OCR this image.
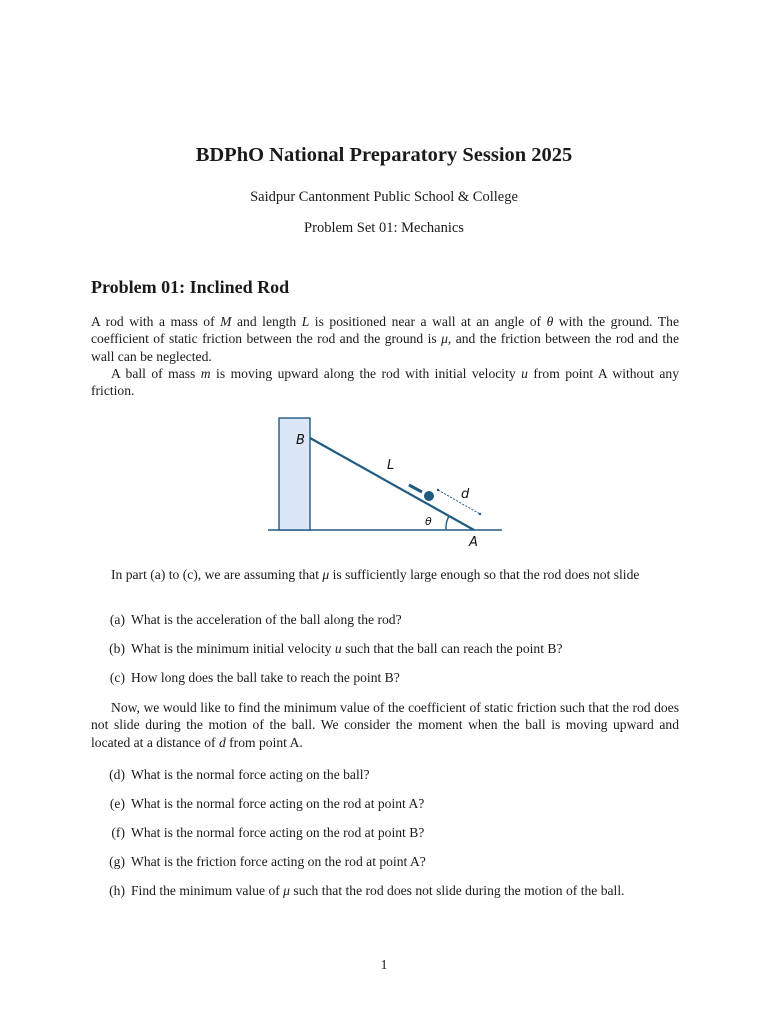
BDPhO National Preparatory Session 2025

Saidpur Cantonment Public School & College

Problem Set 01: Mechanics

Problem 01: Inclined Rod

A rod with a mass of M and length L is positioned near a wall at an angle of θ with the ground. The coefficient of static friction between the rod and the ground is μ, and the friction between the rod and the wall can be neglected.

A ball of mass m is moving upward along the rod with initial velocity u from point A without any friction.

B
L
d
θ
A

In part (a) to (c), we are assuming that μ is sufficiently large enough so that the rod does not slide

(a) What is the acceleration of the ball along the rod?
(b) What is the minimum initial velocity u such that the ball can reach the point B?
(c) How long does the ball take to reach the point B?

Now, we would like to find the minimum value of the coefficient of static friction such that the rod does not slide during the motion of the ball. We consider the moment when the ball is moving upward and located at a distance of d from point A.

(d) What is the normal force acting on the ball?
(e) What is the normal force acting on the rod at point A?
(f) What is the normal force acting on the rod at point B?
(g) What is the friction force acting on the rod at point A?
(h) Find the minimum value of μ such that the rod does not slide during the motion of the ball.
1
